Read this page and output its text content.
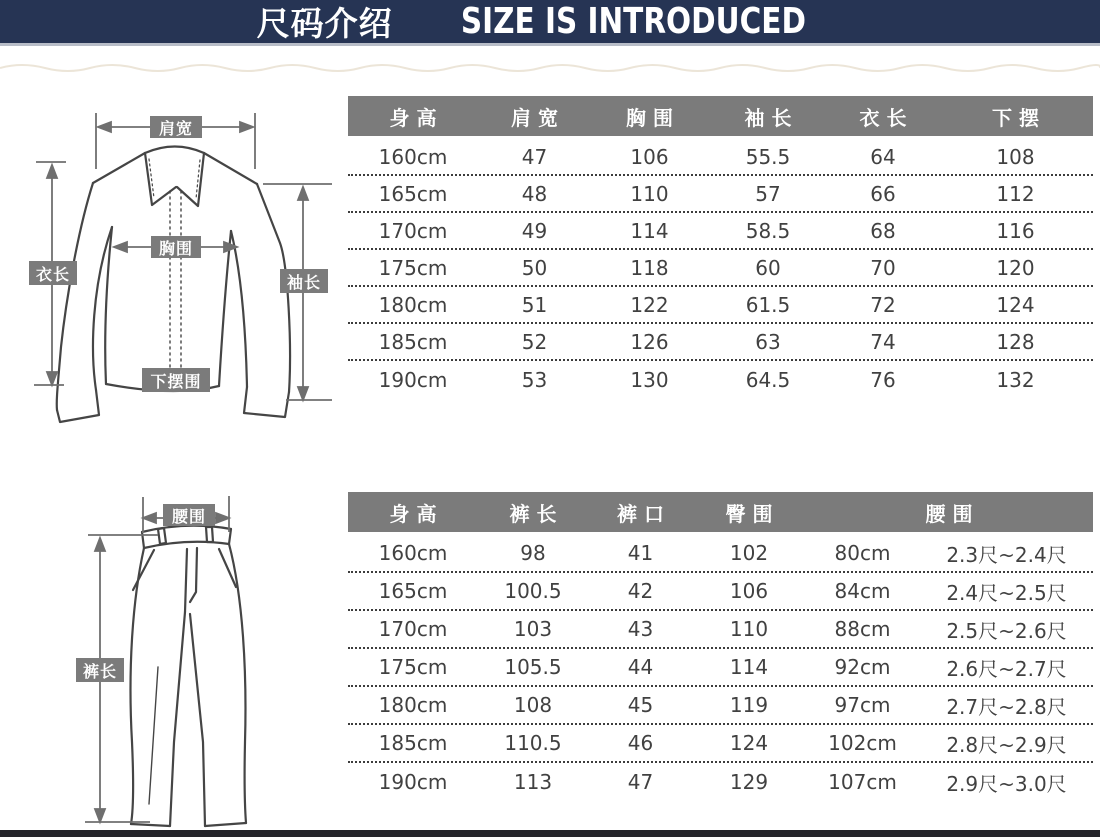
尺码介绍 SIZE IS INTRODUCED
肩宽
胸围
衣长	袖长
下摆围
身 高	肩 宽	胸 围	袖 长	衣 长	下 摆
160cm	47	106	55.5	64	108
165cm	48	110	57	66	112
170cm	49	114	58.5	68	116
175cm	50	118	60	70	120
180cm	51	122	61.5	72	124
185cm	52	126	63	74	128
190cm	53	130	64.5	76	132
腰围
裤长
身 高	裤 长	裤 口	臀 围	腰 围
160cm	98	41	102	80cm	2.3尺~2.4尺
165cm	100.5	42	106	84cm	2.4尺~2.5尺
170cm	103	43	110	88cm	2.5尺~2.6尺
175cm	105.5	44	114	92cm	2.6尺~2.7尺
180cm	108	45	119	97cm	2.7尺~2.8尺
185cm	110.5	46	124	102cm	2.8尺~2.9尺
190cm	113	47	129	107cm	2.9尺~3.0尺
